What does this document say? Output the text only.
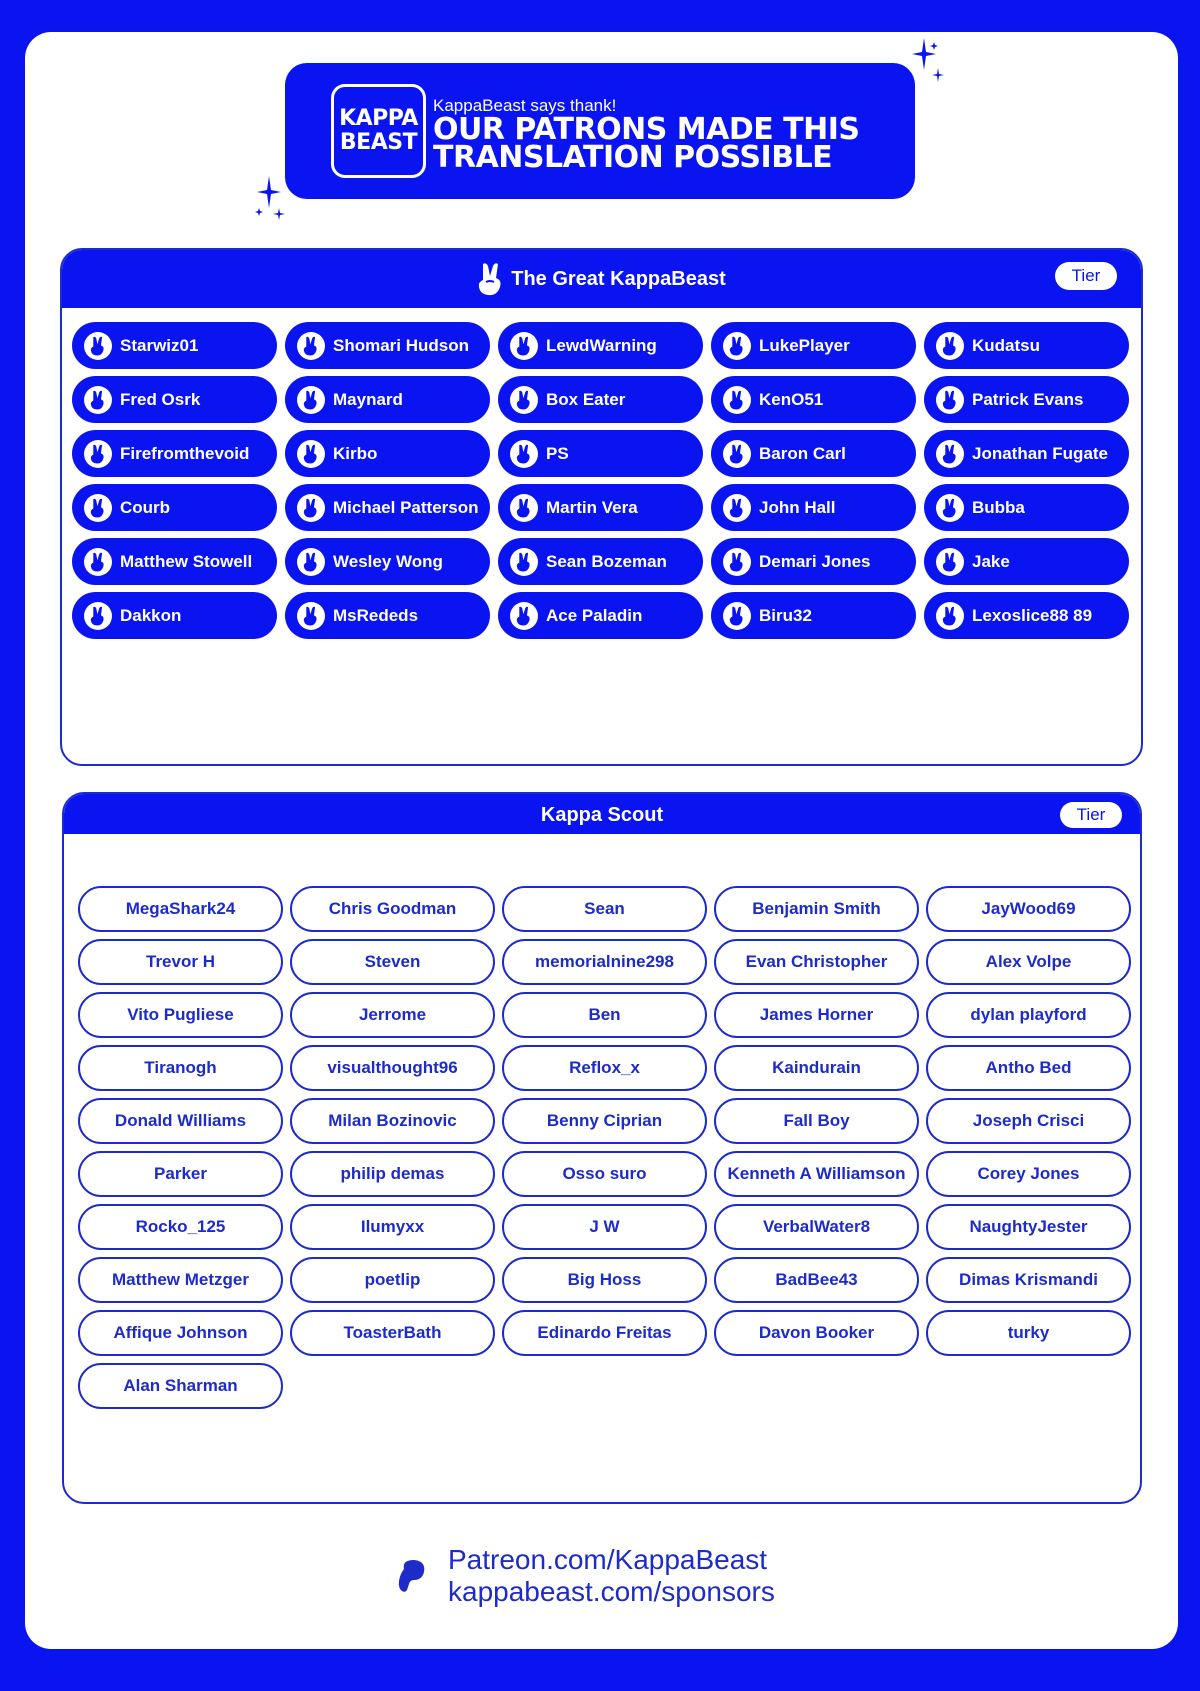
KAPPA
BEAST
KappaBeast says thank!
OUR PATRONS MADE THIS
TRANSLATION POSSIBLE
The Great KappaBeast	Tier
Starwiz01	Shomari Hudson	LewdWarning	LukePlayer	Kudatsu
Fred Osrk	Maynard	Box Eater	KenO51	Patrick Evans
Firefromthevoid	Kirbo	PS	Baron Carl	Jonathan Fugate
Courb	Michael Patterson	Martin Vera	John Hall	Bubba
Matthew Stowell	Wesley Wong	Sean Bozeman	Demari Jones	Jake
Dakkon	MsRededs	Ace Paladin	Biru32	Lexoslice88 89
Kappa Scout	Tier
MegaShark24	Chris Goodman	Sean	Benjamin Smith	JayWood69
Trevor H	Steven	memorialnine298	Evan Christopher	Alex Volpe
Vito Pugliese	Jerrome	Ben	James Horner	dylan playford
Tiranogh	visualthought96	Reflox_x	Kaindurain	Antho Bed
Donald Williams	Milan Bozinovic	Benny Ciprian	Fall Boy	Joseph Crisci
Parker	philip demas	Osso suro	Kenneth A Williamson	Corey Jones
Rocko_125	Ilumyxx	J W	VerbalWater8	NaughtyJester
Matthew Metzger	poetlip	Big Hoss	BadBee43	Dimas Krismandi
Affique Johnson	ToasterBath	Edinardo Freitas	Davon Booker	turky
Alan Sharman
Patreon.com/KappaBeast
kappabeast.com/sponsors
